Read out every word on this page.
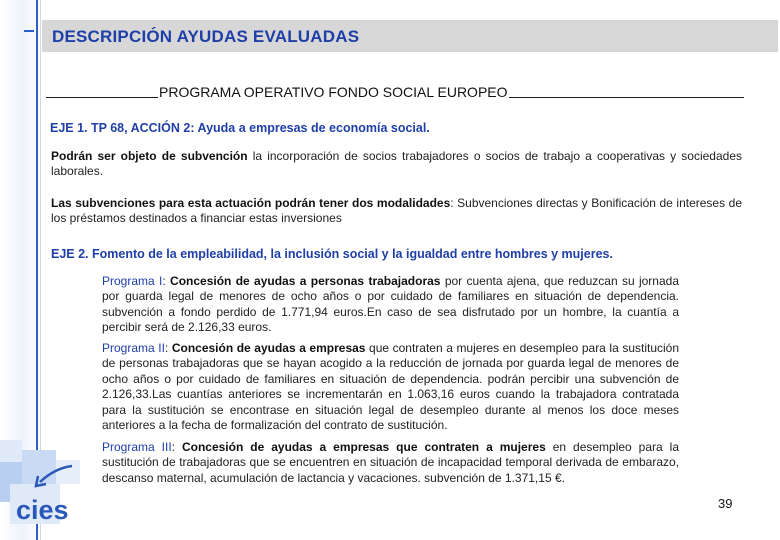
DESCRIPCIÓN AYUDAS EVALUADAS
PROGRAMA OPERATIVO FONDO SOCIAL EUROPEO
EJE 1. TP 68, ACCIÓN 2: Ayuda a empresas de economía social.
Podrán ser objeto de subvención la incorporación de socios trabajadores o socios de trabajo a cooperativas y sociedades laborales.
Las subvenciones para esta actuación podrán tener dos modalidades: Subvenciones directas y Bonificación de intereses de los préstamos destinados a financiar estas inversiones
EJE 2. Fomento de la empleabilidad, la inclusión social y la igualdad entre hombres y mujeres.
Programa I: Concesión de ayudas a personas trabajadoras por cuenta ajena, que reduzcan su jornada por guarda legal de menores de ocho años o por cuidado de familiares en situación de dependencia. subvención a fondo perdido de 1.771,94 euros.En caso de sea disfrutado por un hombre, la cuantía a percibir será de 2.126,33 euros.
Programa II: Concesión de ayudas a empresas que contraten a mujeres en desempleo para la sustitución de personas trabajadoras que se hayan acogido a la reducción de jornada por guarda legal de menores de ocho años o por cuidado de familiares en situación de dependencia. podrán percibir una subvención de 2.126,33.Las cuantías anteriores se incrementarán en 1.063,16 euros cuando la trabajadora contratada para la sustitución se encontrase en situación legal de desempleo durante al menos los doce meses anteriores a la fecha de formalización del contrato de sustitución.
Programa III: Concesión de ayudas a empresas que contraten a mujeres en desempleo para la sustitución de trabajadoras que se encuentren en situación de incapacidad temporal derivada de embarazo, descanso maternal, acumulación de lactancia y vacaciones. subvención de 1.371,15 €.
cies	39
